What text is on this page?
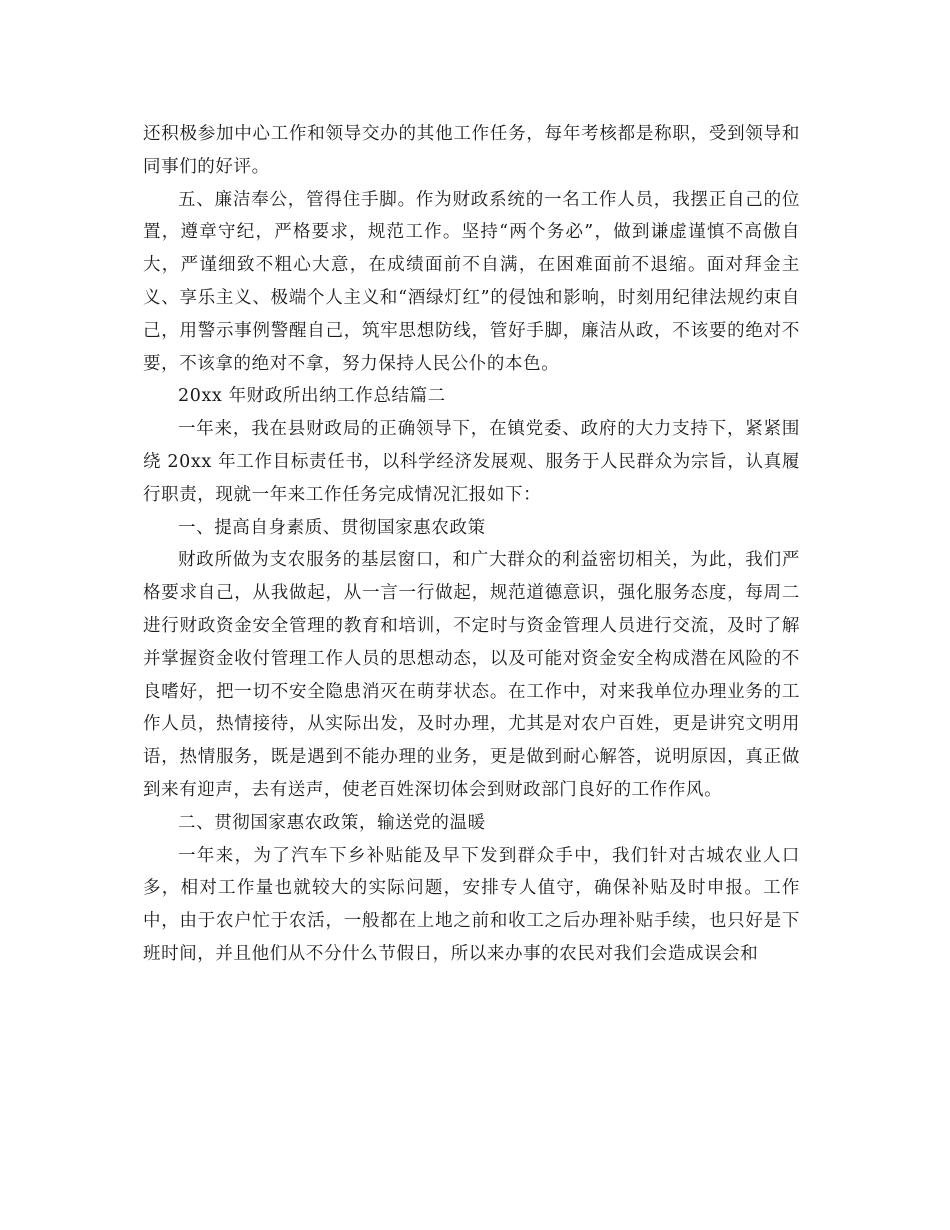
还积极参加中心工作和领导交办的其他工作任务，每年考核都是称职，受到领导和同事们的好评。

五、廉洁奉公，管得住手脚。作为财政系统的一名工作人员，我摆正自己的位置，遵章守纪，严格要求，规范工作。坚持“两个务必”，做到谦虚谨慎不高傲自大，严谨细致不粗心大意，在成绩面前不自满，在困难面前不退缩。面对拜金主义、享乐主义、极端个人主义和“酒绿灯红”的侵蚀和影响，时刻用纪律法规约束自己，用警示事例警醒自己，筑牢思想防线，管好手脚，廉洁从政，不该要的绝对不要，不该拿的绝对不拿，努力保持人民公仆的本色。

20xx 年财政所出纳工作总结篇二

一年来，我在县财政局的正确领导下，在镇党委、政府的大力支持下，紧紧围绕 20xx 年工作目标责任书，以科学经济发展观、服务于人民群众为宗旨，认真履行职责，现就一年来工作任务完成情况汇报如下：

一、提高自身素质、贯彻国家惠农政策

财政所做为支农服务的基层窗口，和广大群众的利益密切相关，为此，我们严格要求自己，从我做起，从一言一行做起，规范道德意识，强化服务态度，每周二进行财政资金安全管理的教育和培训，不定时与资金管理人员进行交流，及时了解并掌握资金收付管理工作人员的思想动态，以及可能对资金安全构成潜在风险的不良嗜好，把一切不安全隐患消灭在萌芽状态。在工作中，对来我单位办理业务的工作人员，热情接待，从实际出发，及时办理，尤其是对农户百姓，更是讲究文明用语，热情服务，既是遇到不能办理的业务，更是做到耐心解答，说明原因，真正做到来有迎声，去有送声，使老百姓深切体会到财政部门良好的工作作风。

二、贯彻国家惠农政策，输送党的温暖

一年来，为了汽车下乡补贴能及早下发到群众手中，我们针对古城农业人口多，相对工作量也就较大的实际问题，安排专人值守，确保补贴及时申报。工作中，由于农户忙于农活，一般都在上地之前和收工之后办理补贴手续，也只好是下班时间，并且他们从不分什么节假日，所以来办事的农民对我们会造成误会和
